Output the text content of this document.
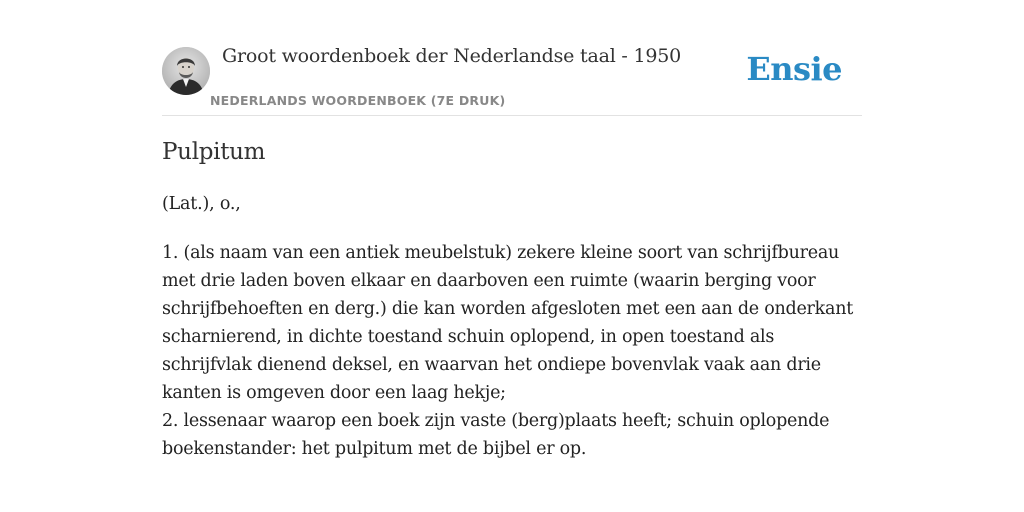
Groot woordenboek der Nederlandse taal - 1950
NEDERLANDS WOORDENBOEK (7E DRUK)
Ensie
Pulpitum
(Lat.), o.,

1. (als naam van een antiek meubelstuk) zekere kleine soort van schrijfbureau met drie laden boven elkaar en daarboven een ruimte (waarin berging voor schrijfbehoeften en derg.) die kan worden afgesloten met een aan de onderkant scharnierend, in dichte toestand schuin oplopend, in open toestand als schrijfvlak dienend deksel, en waarvan het ondiepe bovenvlak vaak aan drie kanten is omgeven door een laag hekje;

2. lessenaar waarop een boek zijn vaste (berg)plaats heeft; schuin oplopende boekenstander: het pulpitum met de bijbel er op.
